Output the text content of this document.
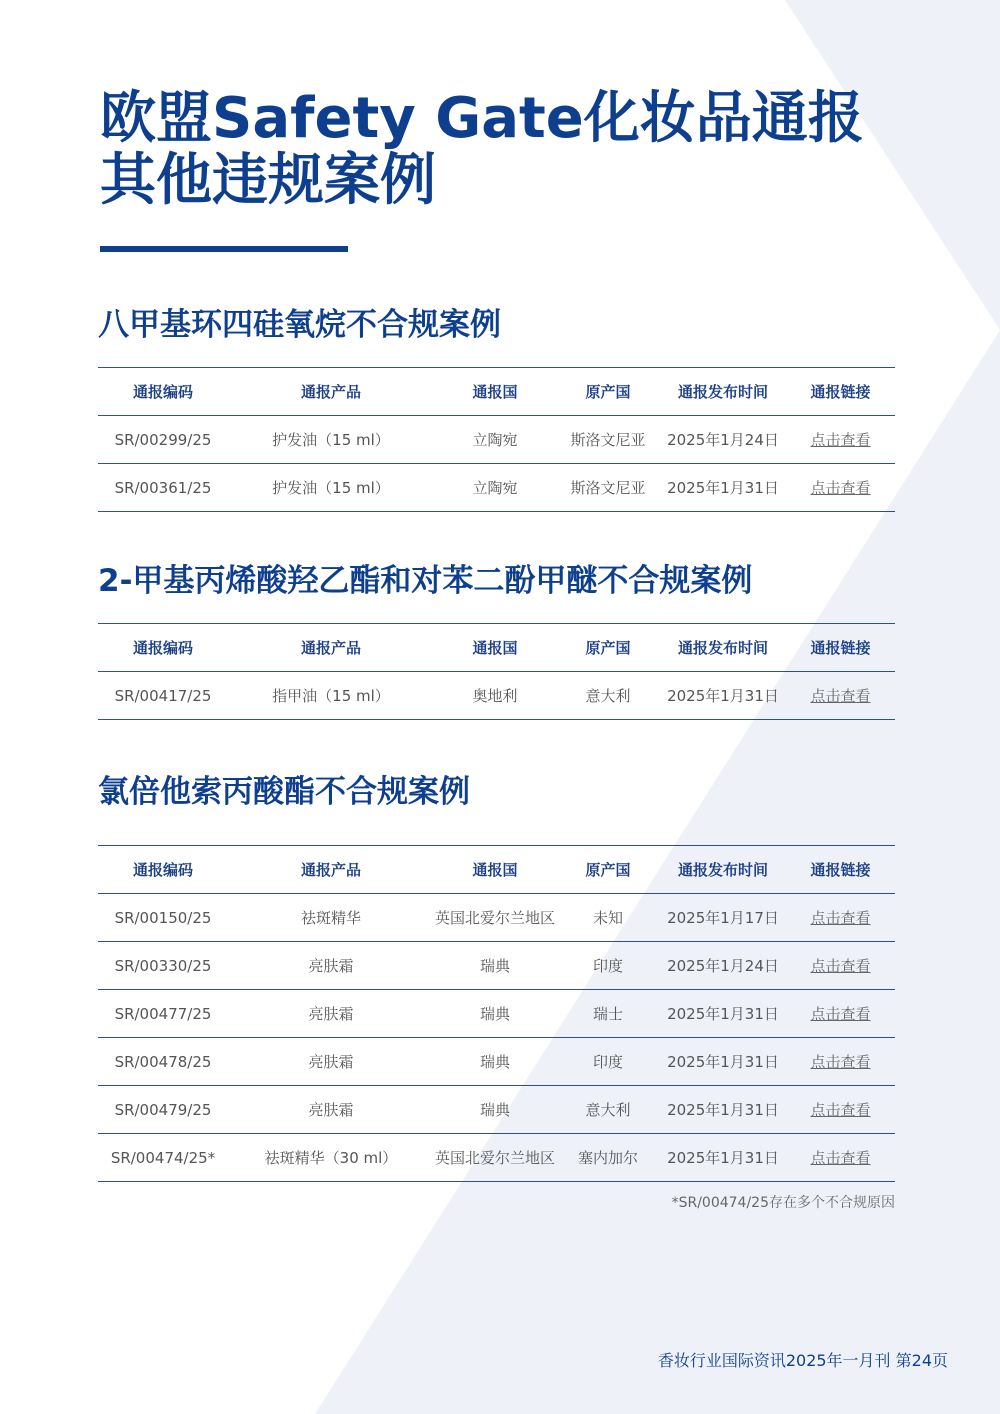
欧盟Safety Gate化妆品通报
其他违规案例
八甲基环四硅氧烷不合规案例
通报编码	通报产品	通报国	原产国	通报发布时间	通报链接
SR/00299/25	护发油（15 ml）	立陶宛	斯洛文尼亚	2025年1月24日	点击查看
SR/00361/25	护发油（15 ml）	立陶宛	斯洛文尼亚	2025年1月31日	点击查看
2-甲基丙烯酸羟乙酯和对苯二酚甲醚不合规案例
通报编码	通报产品	通报国	原产国	通报发布时间	通报链接
SR/00417/25	指甲油（15 ml）	奥地利	意大利	2025年1月31日	点击查看
氯倍他索丙酸酯不合规案例
通报编码	通报产品	通报国	原产国	通报发布时间	通报链接
SR/00150/25	祛斑精华	英国北爱尔兰地区	未知	2025年1月17日	点击查看
SR/00330/25	亮肤霜	瑞典	印度	2025年1月24日	点击查看
SR/00477/25	亮肤霜	瑞典	瑞士	2025年1月31日	点击查看
SR/00478/25	亮肤霜	瑞典	印度	2025年1月31日	点击查看
SR/00479/25	亮肤霜	瑞典	意大利	2025年1月31日	点击查看
SR/00474/25*	祛斑精华（30 ml）	英国北爱尔兰地区	塞内加尔	2025年1月31日	点击查看
*SR/00474/25存在多个不合规原因
香妆行业国际资讯2025年一月刊 第24页
